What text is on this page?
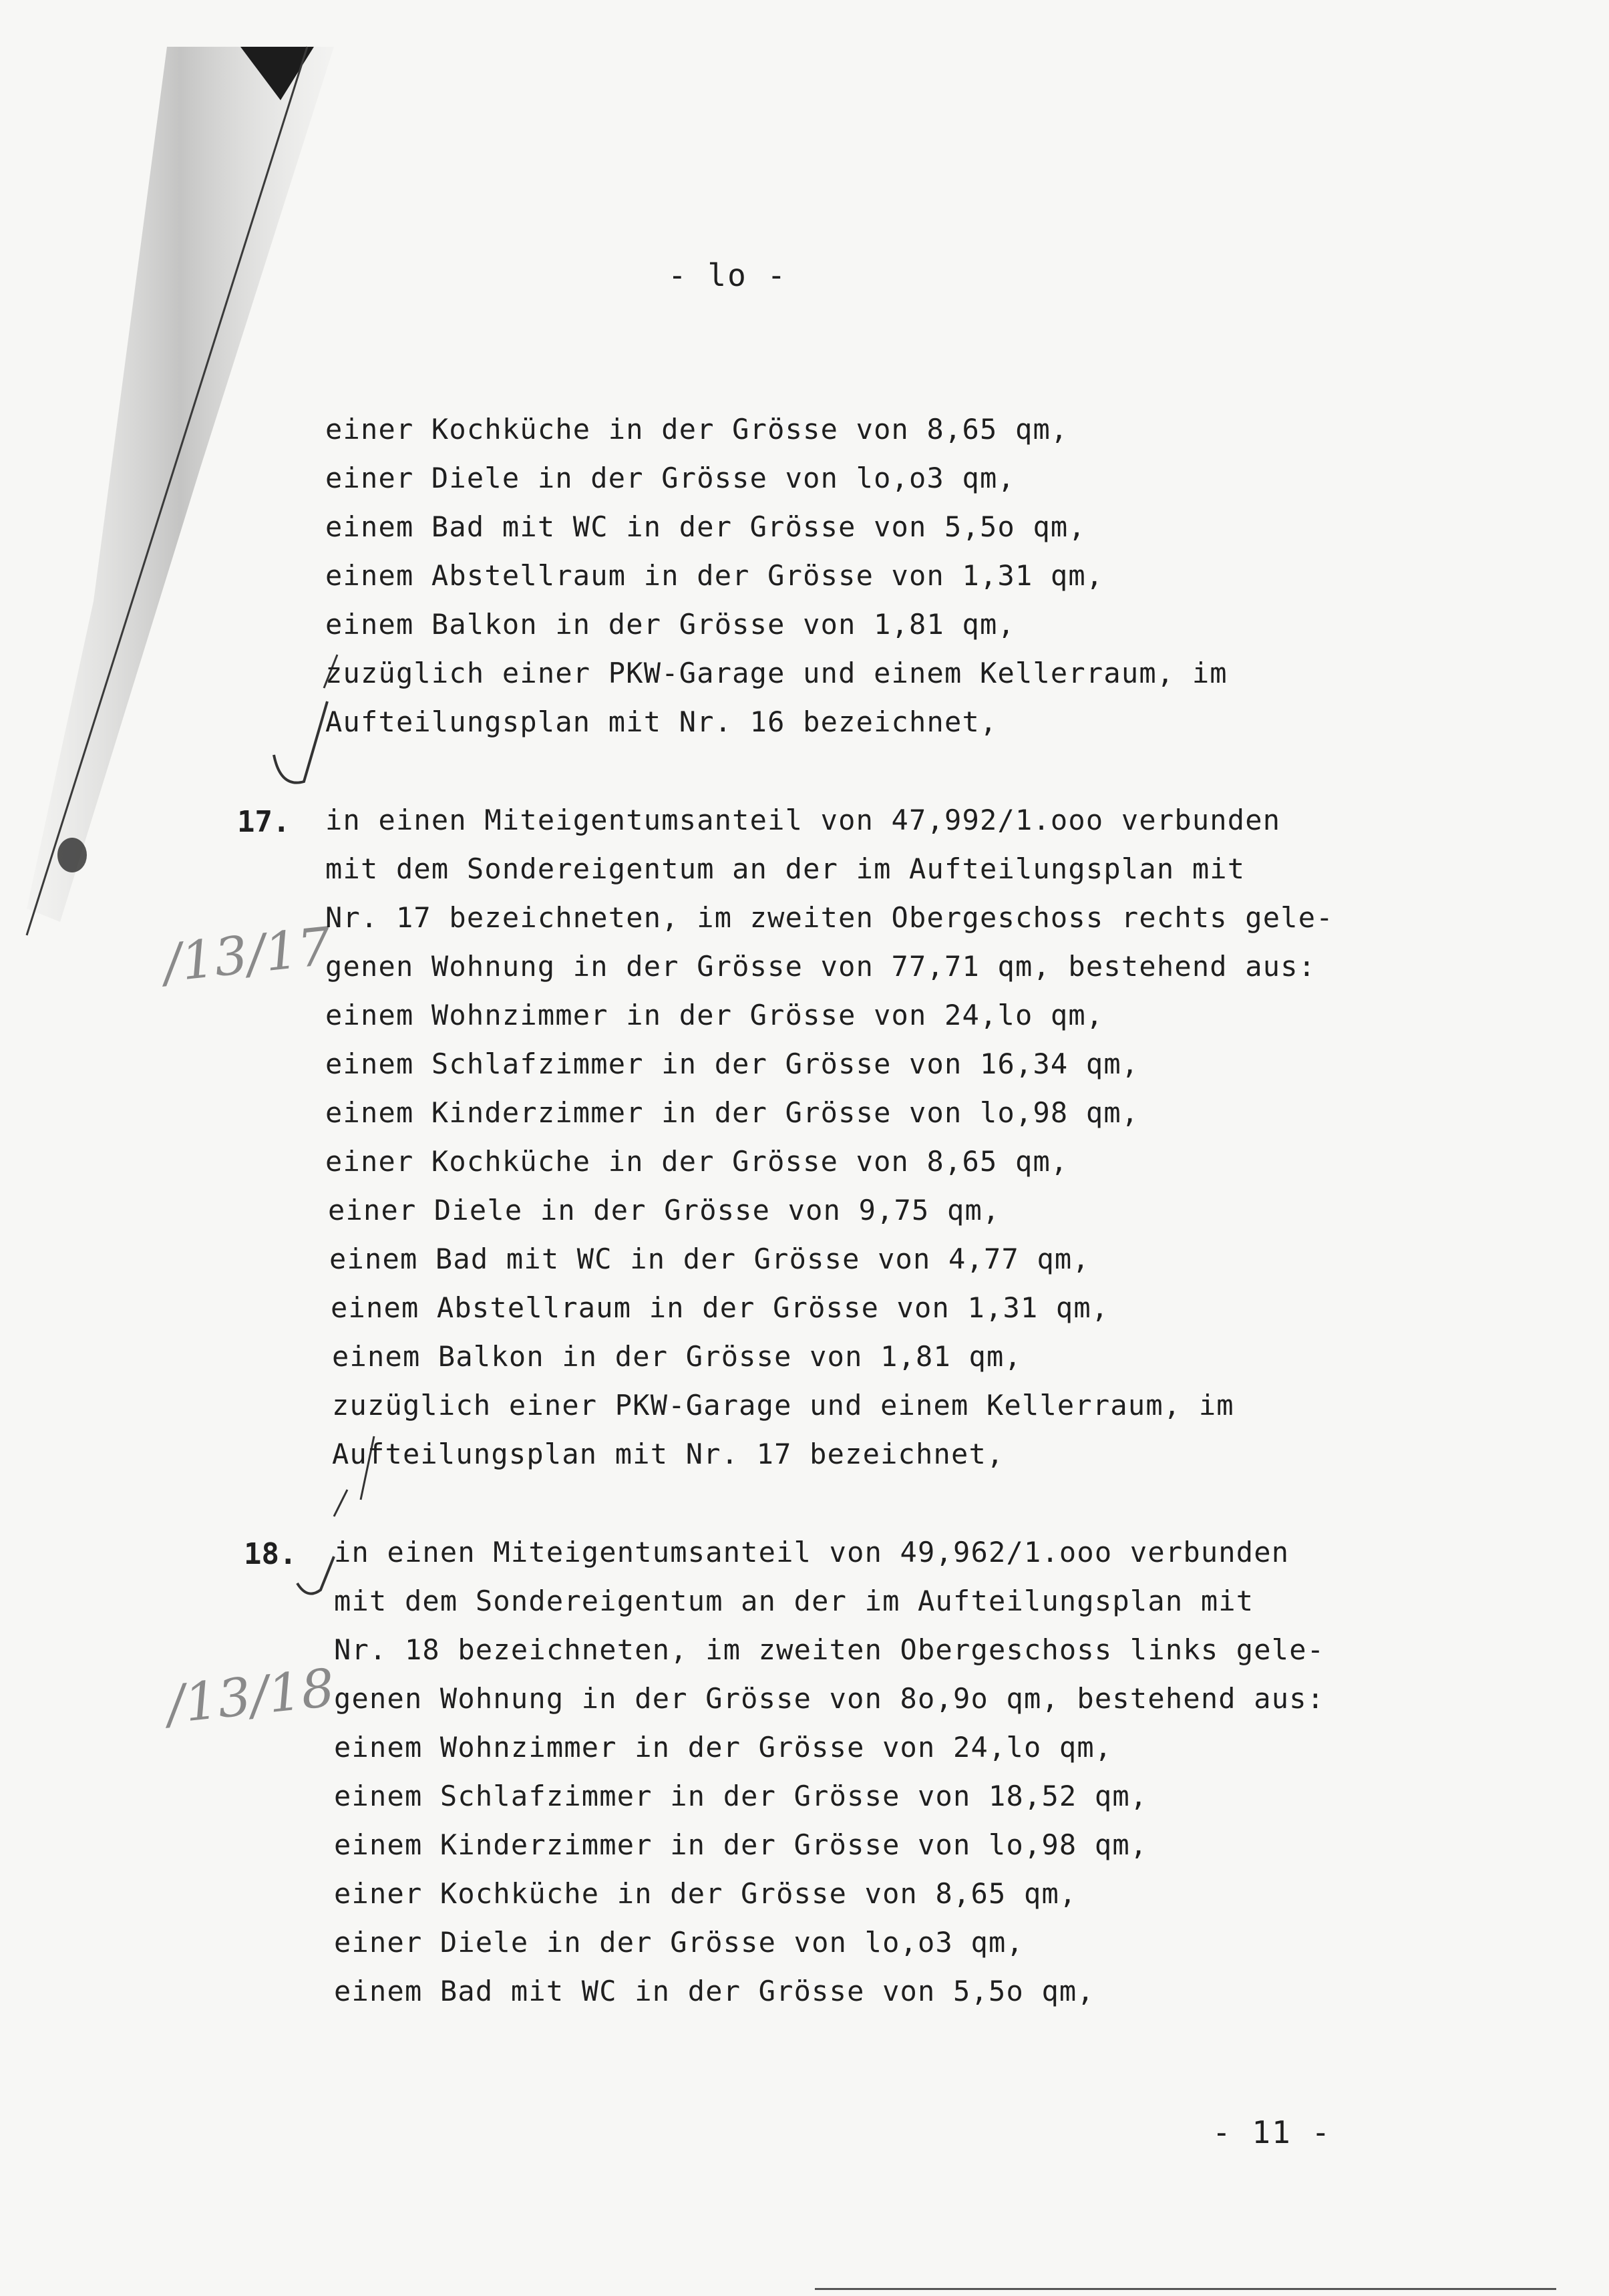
- lo -
einer Kochküche in der Grösse von 8,65 qm,
einer Diele in der Grösse von lo,o3 qm,
einem Bad mit WC in der Grösse von 5,5o qm,
einem Abstellraum in der Grösse von 1,31 qm,
einem Balkon in der Grösse von 1,81 qm,
zuzüglich einer PKW-Garage und einem Kellerraum, im
Aufteilungsplan mit Nr. 16 bezeichnet,
17.
/13/17
in einen Miteigentumsanteil von 47,992/1.ooo verbunden
mit dem Sondereigentum an der im Aufteilungsplan mit
Nr. 17 bezeichneten, im zweiten Obergeschoss rechts gele-
genen Wohnung in der Grösse von 77,71 qm, bestehend aus:
einem Wohnzimmer in der Grösse von 24,lo qm,
einem Schlafzimmer in der Grösse von 16,34 qm,
einem Kinderzimmer in der Grösse von lo,98 qm,
einer Kochküche in der Grösse von 8,65 qm,
einer Diele in der Grösse von 9,75 qm,
einem Bad mit WC in der Grösse von 4,77 qm,
einem Abstellraum in der Grösse von 1,31 qm,
einem Balkon in der Grösse von 1,81 qm,
zuzüglich einer PKW-Garage und einem Kellerraum, im
Aufteilungsplan mit Nr. 17 bezeichnet,
18.
/13/18
in einen Miteigentumsanteil von 49,962/1.ooo verbunden
mit dem Sondereigentum an der im Aufteilungsplan mit
Nr. 18 bezeichneten, im zweiten Obergeschoss links gele-
genen Wohnung in der Grösse von 8o,9o qm, bestehend aus:
einem Wohnzimmer in der Grösse von 24,lo qm,
einem Schlafzimmer in der Grösse von 18,52 qm,
einem Kinderzimmer in der Grösse von lo,98 qm,
einer Kochküche in der Grösse von 8,65 qm,
einer Diele in der Grösse von lo,o3 qm,
einem Bad mit WC in der Grösse von 5,5o qm,
- 11 -
